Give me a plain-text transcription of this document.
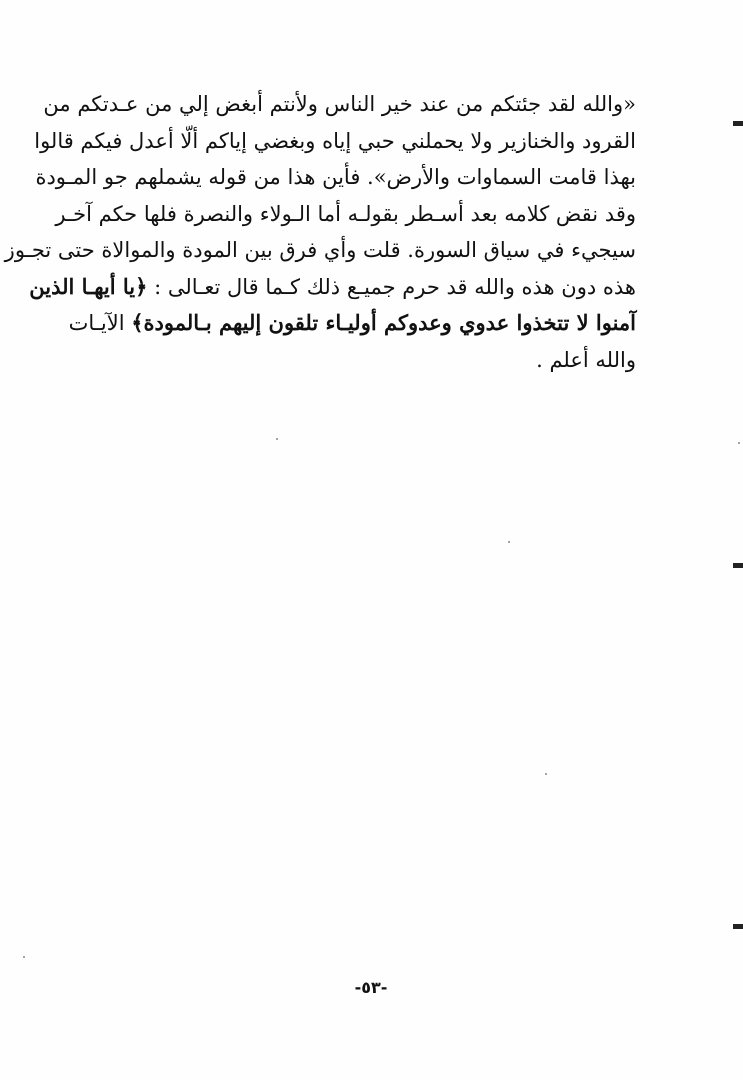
«والله لقد جئتكم من عند خير الناس ولأنتم أبغض إلي من عـدتكم من
القرود والخنازير ولا يحملني حبي إياه وبغضي إياكم ألّا أعدل فيكم قالوا
بهذا قامت السماوات والأرض». فأين هذا من قوله يشملهم جو المـودة
وقد نقض كلامه بعد أسـطر بقولـه أما الـولاء والنصرة فلها حكم آخـر
سيجيء في سياق السورة. قلت وأي فرق بين المودة والموالاة حتى تجـوز
هذه دون هذه والله قد حرم جميـع ذلك كـما قال تعـالى : ﴿يا أيهـا الذين
آمنوا لا تتخذوا عدوي وعدوكم أوليـاء تلقون إليهم بـالمودة﴾ الآيـات
والله أعلم .
-٥٣-
